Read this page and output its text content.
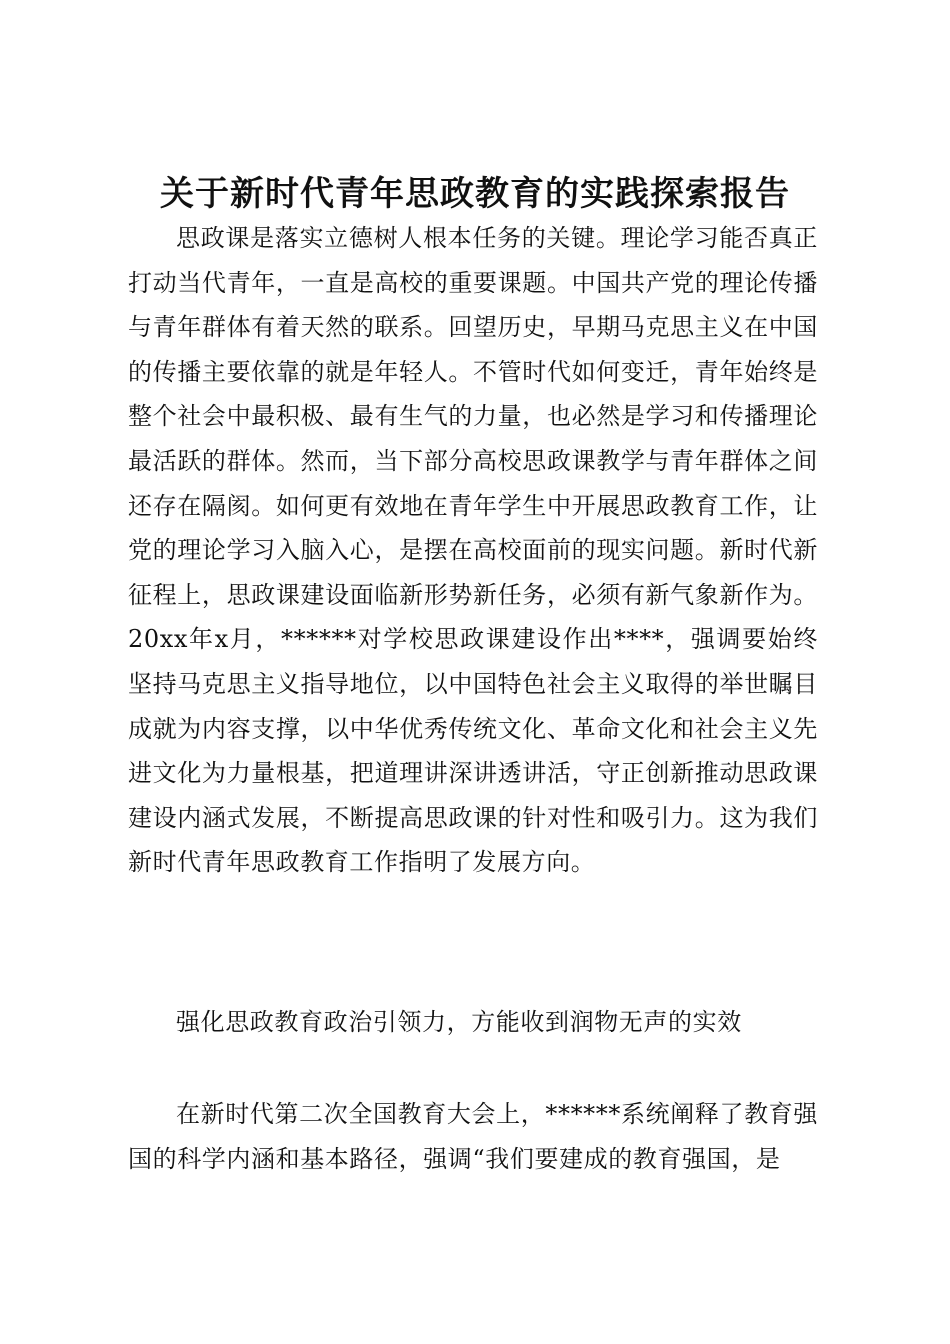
关于新时代青年思政教育的实践探索报告

思政课是落实立德树人根本任务的关键。理论学习能否真正打动当代青年，一直是高校的重要课题。中国共产党的理论传播与青年群体有着天然的联系。回望历史，早期马克思主义在中国的传播主要依靠的就是年轻人。不管时代如何变迁，青年始终是整个社会中最积极、最有生气的力量，也必然是学习和传播理论最活跃的群体。然而，当下部分高校思政课教学与青年群体之间还存在隔阂。如何更有效地在青年学生中开展思政教育工作，让党的理论学习入脑入心，是摆在高校面前的现实问题。新时代新征程上，思政课建设面临新形势新任务，必须有新气象新作为。20xx年x月，******对学校思政课建设作出****，强调要始终坚持马克思主义指导地位，以中国特色社会主义取得的举世瞩目成就为内容支撑，以中华优秀传统文化、革命文化和社会主义先进文化为力量根基，把道理讲深讲透讲活，守正创新推动思政课建设内涵式发展，不断提高思政课的针对性和吸引力。这为我们新时代青年思政教育工作指明了发展方向。

强化思政教育政治引领力，方能收到润物无声的实效

在新时代第二次全国教育大会上，******系统阐释了教育强国的科学内涵和基本路径，强调“我们要建成的教育强国，是
